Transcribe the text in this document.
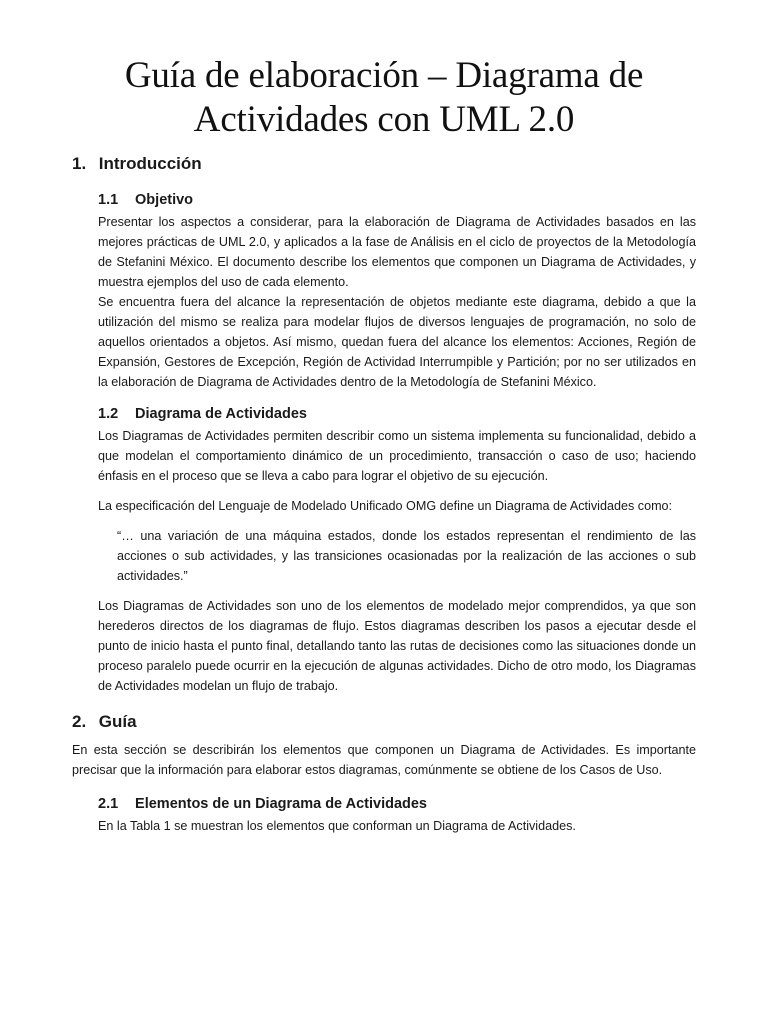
Guía de elaboración – Diagrama de
Actividades con UML 2.0
1. Introducción
1.1 Objetivo

Presentar los aspectos a considerar, para la elaboración de Diagrama de Actividades basados en las mejores prácticas de UML 2.0, y aplicados a la fase de Análisis en el ciclo de proyectos de la Metodología de Stefanini México. El documento describe los elementos que componen un Diagrama de Actividades, y muestra ejemplos del uso de cada elemento.

Se encuentra fuera del alcance la representación de objetos mediante este diagrama, debido a que la utilización del mismo se realiza para modelar flujos de diversos lenguajes de programación, no solo de aquellos orientados a objetos. Así mismo, quedan fuera del alcance los elementos: Acciones, Región de Expansión, Gestores de Excepción, Región de Actividad Interrumpible y Partición; por no ser utilizados en la elaboración de Diagrama de Actividades dentro de la Metodología de Stefanini México.

1.2 Diagrama de Actividades

Los Diagramas de Actividades permiten describir como un sistema implementa su funcionalidad, debido a que modelan el comportamiento dinámico de un procedimiento, transacción o caso de uso; haciendo énfasis en el proceso que se lleva a cabo para lograr el objetivo de su ejecución.

La especificación del Lenguaje de Modelado Unificado OMG define un Diagrama de Actividades como:

“… una variación de una máquina estados, donde los estados representan el rendimiento de las acciones o sub actividades, y las transiciones ocasionadas por la realización de las acciones o sub actividades.”

Los Diagramas de Actividades son uno de los elementos de modelado mejor comprendidos, ya que son herederos directos de los diagramas de flujo. Estos diagramas describen los pasos a ejecutar desde el punto de inicio hasta el punto final, detallando tanto las rutas de decisiones como las situaciones donde un proceso paralelo puede ocurrir en la ejecución de algunas actividades. Dicho de otro modo, los Diagramas de Actividades modelan un flujo de trabajo.

2. Guía

En esta sección se describirán los elementos que componen un Diagrama de Actividades. Es importante precisar que la información para elaborar estos diagramas, comúnmente se obtiene de los Casos de Uso.

2.1 Elementos de un Diagrama de Actividades

En la Tabla 1 se muestran los elementos que conforman un Diagrama de Actividades.
